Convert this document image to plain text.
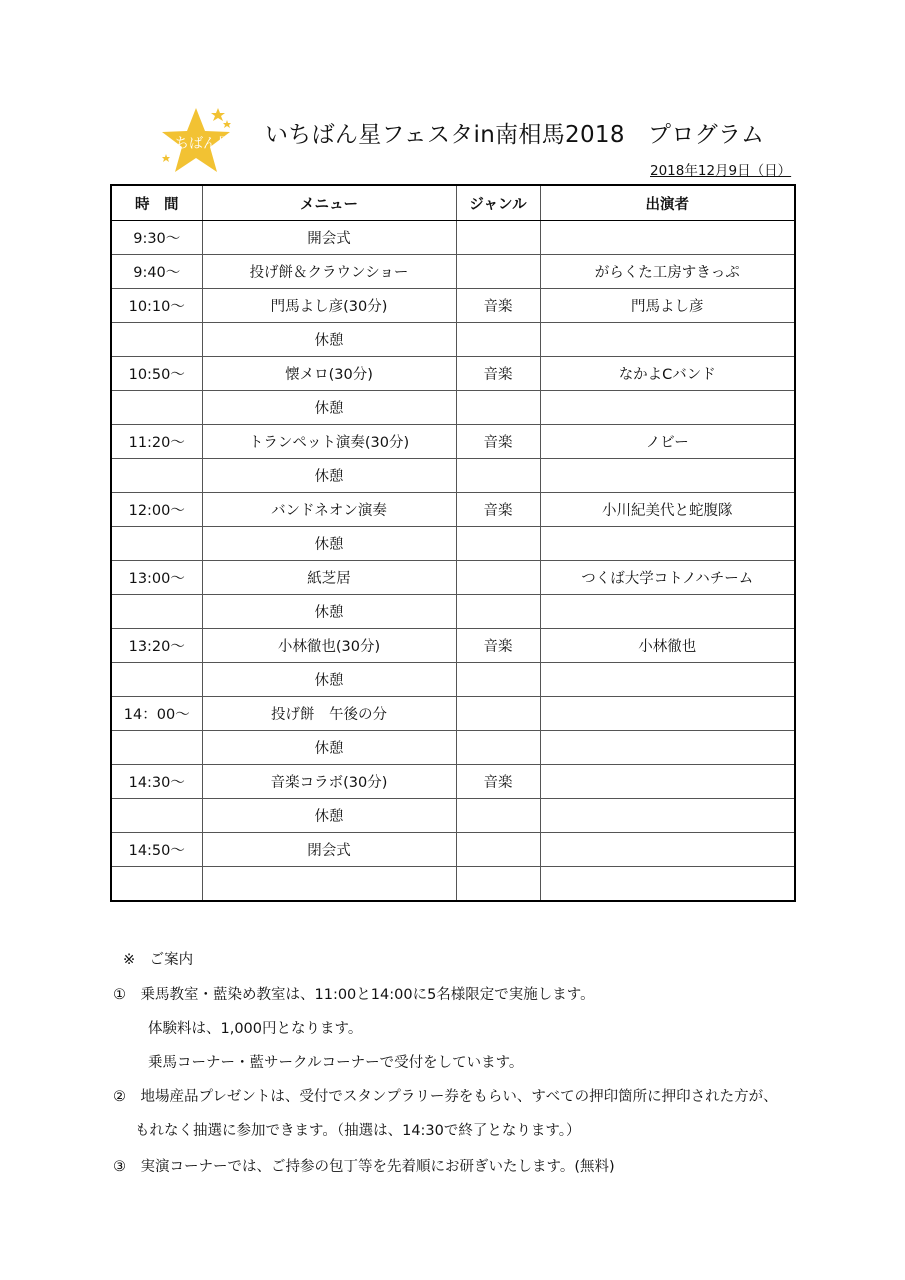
いちばん星 いちばん星フェスタin南相馬2018　プログラム
2018年12月9日（日）
時　間	メニュー	ジャンル	出演者
9:30～	開会式		
9:40～	投げ餅＆クラウンショー		がらくた工房すきっぷ
10:10～	門馬よし彦(30分)	音楽	門馬よし彦
	休憩		
10:50～	懐メロ(30分)	音楽	なかよCバンド
	休憩		
11:20～	トランペット演奏(30分)	音楽	ノビー
	休憩		
12:00～	バンドネオン演奏	音楽	小川紀美代と蛇腹隊
	休憩		
13:00～	紙芝居		つくば大学コトノハチーム
	休憩		
13:20～	小林徹也(30分)	音楽	小林徹也
	休憩		
14：00～	投げ餅　午後の分		
	休憩		
14:30～	音楽コラボ(30分)	音楽	
	休憩		
14:50～	閉会式		

※　ご案内
①　乗馬教室・藍染め教室は、11:00と14:00に5名様限定で実施します。
体験料は、1,000円となります。
乗馬コーナー・藍サークルコーナーで受付をしています。
②　地場産品プレゼントは、受付でスタンプラリー券をもらい、すべての押印箇所に押印された方が、
もれなく抽選に参加できます。（抽選は、14:30で終了となります。）
③　実演コーナーでは、ご持参の包丁等を先着順にお研ぎいたします。(無料)
